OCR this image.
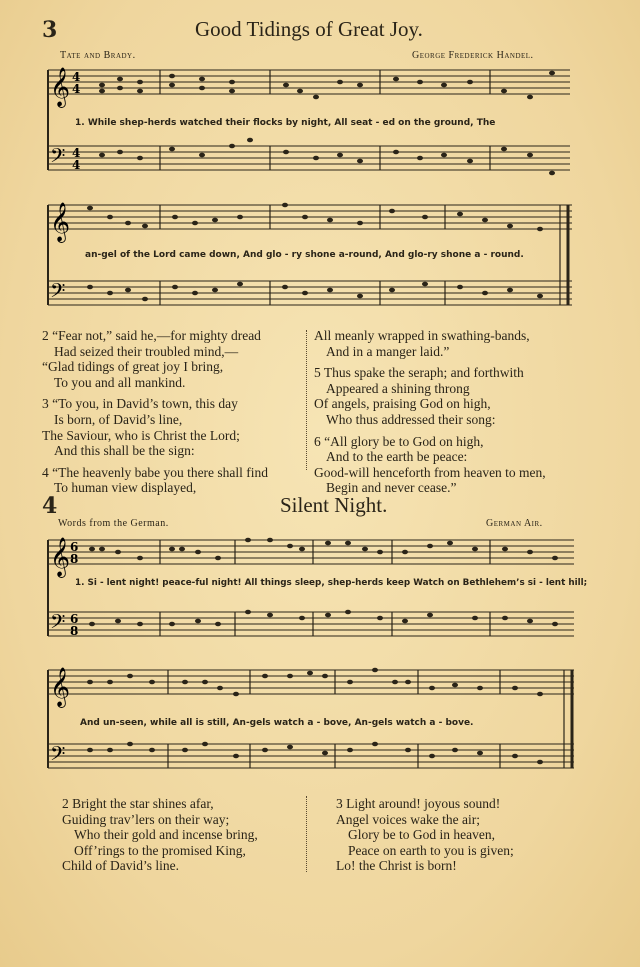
3	Good Tidings of Great Joy.
Tate and Brady.	George Frederick Handel.
𝄞
𝄢
4
4
4
4
1. While shep-herds watched their flocks by night, All seat - ed on the ground, The
𝄞
𝄢
an-gel of the Lord came down, And glo - ry shone a-round, And glo-ry shone a - round.
2 “Fear not,” said he,—for mighty dread
Had seized their troubled mind,—
“Glad tidings of great joy I bring,
To you and all mankind.
3 “To you, in David’s town, this day
Is born, of David’s line,
The Saviour, who is Christ the Lord;
And this shall be the sign:
4 “The heavenly babe you there shall find
To human view displayed,
All meanly wrapped in swathing-bands,
And in a manger laid.”
5 Thus spake the seraph; and forthwith
Appeared a shining throng
Of angels, praising God on high,
Who thus addressed their song:
6 “All glory be to God on high,
And to the earth be peace:
Good-will henceforth from heaven to men,
Begin and never cease.”
4	Silent Night.
Words from the German.	German Air.
𝄞
𝄢
6
8
6
8
1. Si - lent night! peace-ful night! All things sleep, shep-herds keep Watch on Bethlehem’s si - lent hill;
𝄞
𝄢
And un-seen, while all is still, An-gels watch a - bove, An-gels watch a - bove.
2 Bright the star shines afar,
Guiding trav’lers on their way;
Who their gold and incense bring,
Off’rings to the promised King,
Child of David’s line.
3 Light around! joyous sound!
Angel voices wake the air;
Glory be to God in heaven,
Peace on earth to you is given;
Lo! the Christ is born!
